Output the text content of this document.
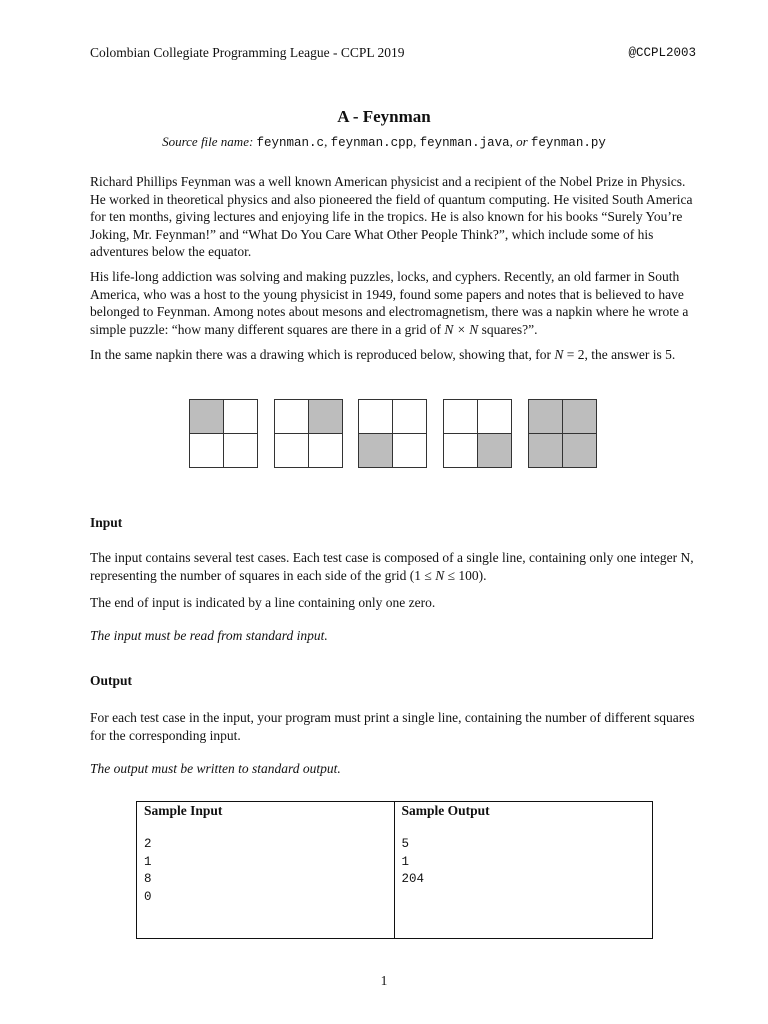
Colombian Collegiate Programming League - CCPL 2019	@CCPL2003
A - Feynman
Source file name: feynman.c, feynman.cpp, feynman.java, or feynman.py

Richard Phillips Feynman was a well known American physicist and a recipient of the Nobel Prize in Physics. He worked in theoretical physics and also pioneered the field of quantum computing. He visited South America for ten months, giving lectures and enjoying life in the tropics. He is also known for his books “Surely You’re Joking, Mr. Feynman!” and “What Do You Care What Other People Think?”, which include some of his adventures below the equator.

His life-long addiction was solving and making puzzles, locks, and cyphers. Recently, an old farmer in South America, who was a host to the young physicist in 1949, found some papers and notes that is believed to have belonged to Feynman. Among notes about mesons and electromagnetism, there was a napkin where he wrote a simple puzzle: “how many different squares are there in a grid of N × N squares?”.

In the same napkin there was a drawing which is reproduced below, showing that, for N = 2, the answer is 5.

Input

The input contains several test cases. Each test case is composed of a single line, containing only one integer N, representing the number of squares in each side of the grid (1 ≤ N ≤ 100).

The end of input is indicated by a line containing only one zero.

The input must be read from standard input.
Output

For each test case in the input, your program must print a single line, containing the number of different squares for the corresponding input.

The output must be written to standard output.
Sample Input
2
1
8
0
Sample Output
5
1
204
1
